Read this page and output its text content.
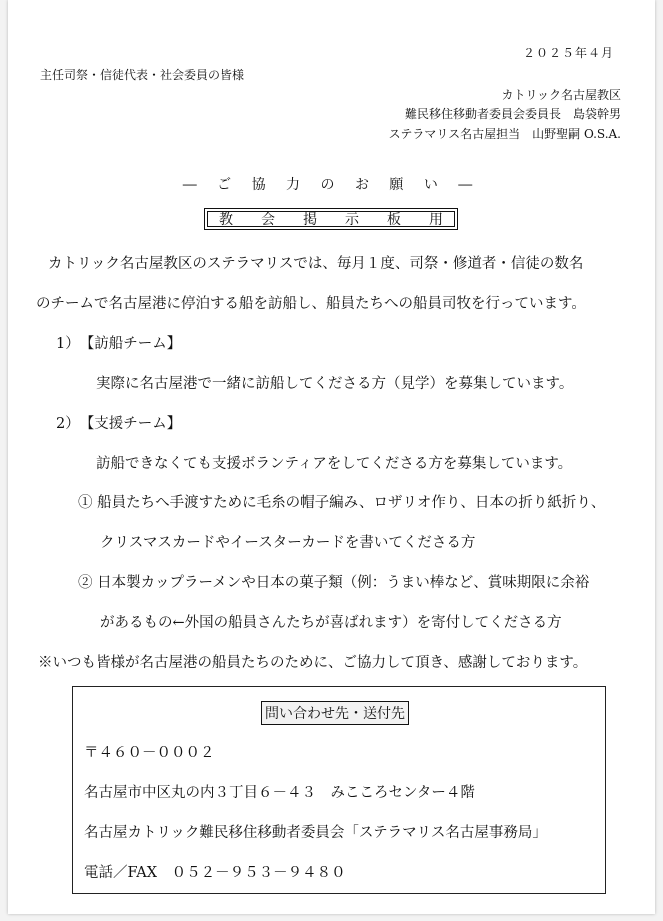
２０２５年４月
主任司祭・信徒代表・社会委員の皆様
カトリック名古屋教区
難民移住移動者委員会委員長　島袋幹男
ステラマリス名古屋担当　山野聖嗣 O.S.A.
― ご 協 力 の お 願 い ―
教 会 掲 示 板 用
カトリック名古屋教区のステラマリスでは、毎月１度、司祭・修道者・信徒の数名
のチームで名古屋港に停泊する船を訪船し、船員たちへの船員司牧を行っています。
1）　【訪船チーム】
実際に名古屋港で一緒に訪船してくださる方（見学）を募集しています。
2）　【支援チーム】
訪船できなくても支援ボランティアをしてくださる方を募集しています。
① 船員たちへ手渡すために毛糸の帽子編み、ロザリオ作り、日本の折り紙折り、
クリスマスカードやイースターカードを書いてくださる方
② 日本製カップラーメンや日本の菓子類（例：うまい棒など、賞味期限に余裕
があるもの←外国の船員さんたちが喜ばれます）を寄付してくださる方
※いつも皆様が名古屋港の船員たちのために、ご協力して頂き、感謝しております。
問い合わせ先・送付先
〒４６０－０００２
名古屋市中区丸の内３丁目６－４３　みこころセンター４階
名古屋カトリック難民移住移動者委員会「ステラマリス名古屋事務局」
電話／FAX　０５２－９５３－９４８０
